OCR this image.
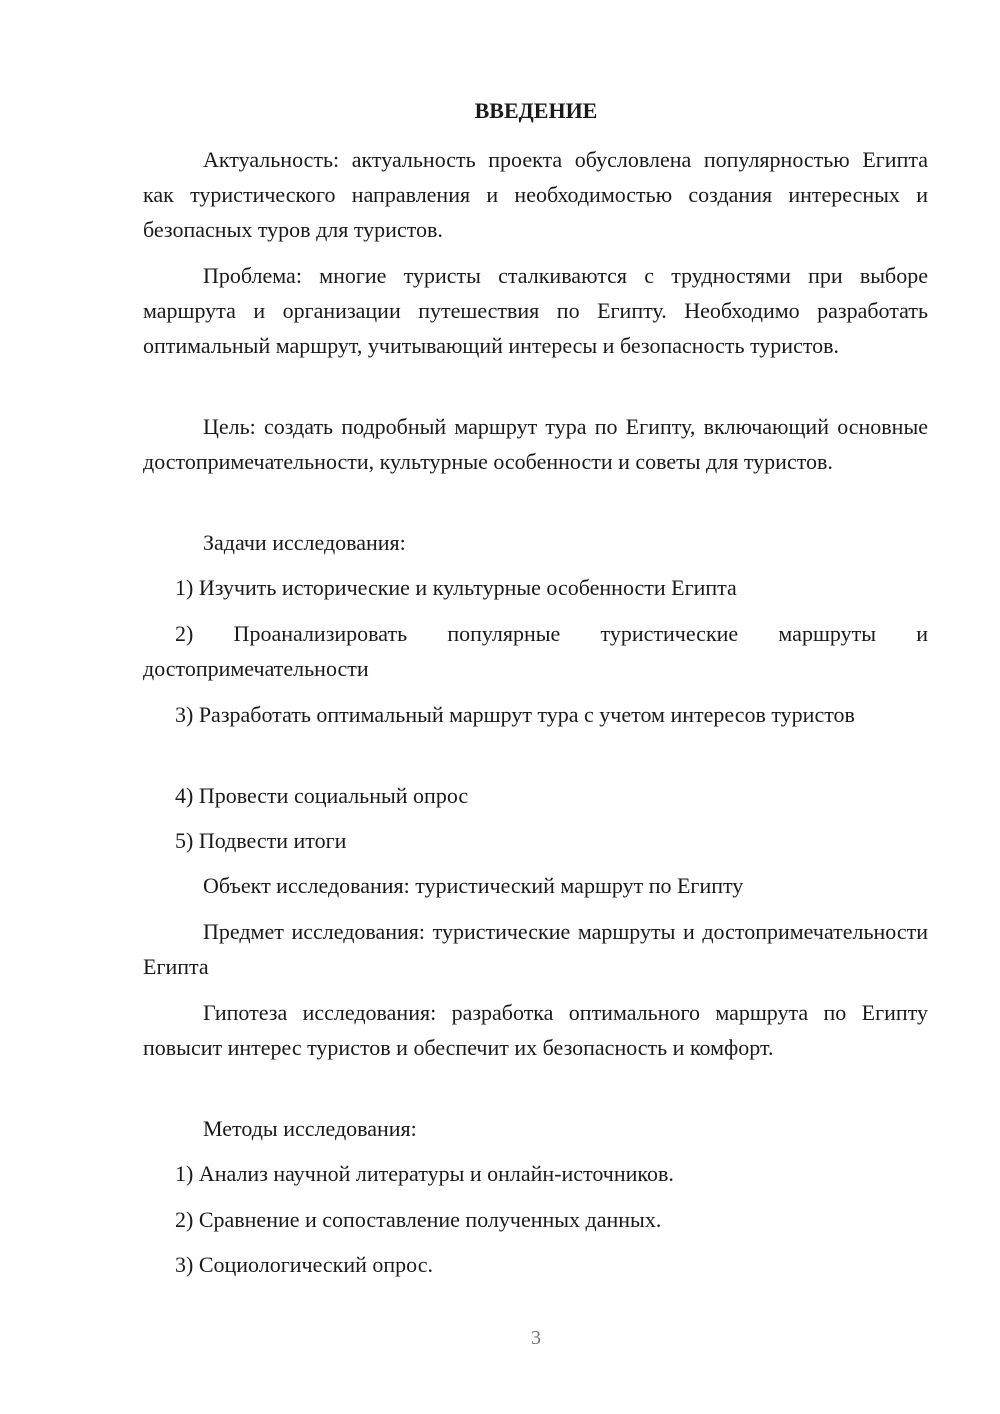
ВВЕДЕНИЕ
Актуальность: актуальность проекта обусловлена популярностью Египта как туристического направления и необходимостью создания интересных и безопасных туров для туристов.
Проблема: многие туристы сталкиваются с трудностями при выборе маршрута и организации путешествия по Египту. Необходимо разработать оптимальный маршрут, учитывающий интересы и безопасность туристов.
Цель: создать подробный маршрут тура по Египту, включающий основные достопримечательности, культурные особенности и советы для туристов.
Задачи исследования:
1) Изучить исторические и культурные особенности Египта
2) Проанализировать популярные туристические маршруты и достопримечательности
3) Разработать оптимальный маршрут тура с учетом интересов туристов
4) Провести социальный опрос
5) Подвести итоги
Объект исследования: туристический маршрут по Египту
Предмет исследования: туристические маршруты и достопримечательности Египта
Гипотеза исследования: разработка оптимального маршрута по Египту повысит интерес туристов и обеспечит их безопасность и комфорт.
Методы исследования:
1) Анализ научной литературы и онлайн-источников.
2) Сравнение и сопоставление полученных данных.
3) Социологический опрос.
3
